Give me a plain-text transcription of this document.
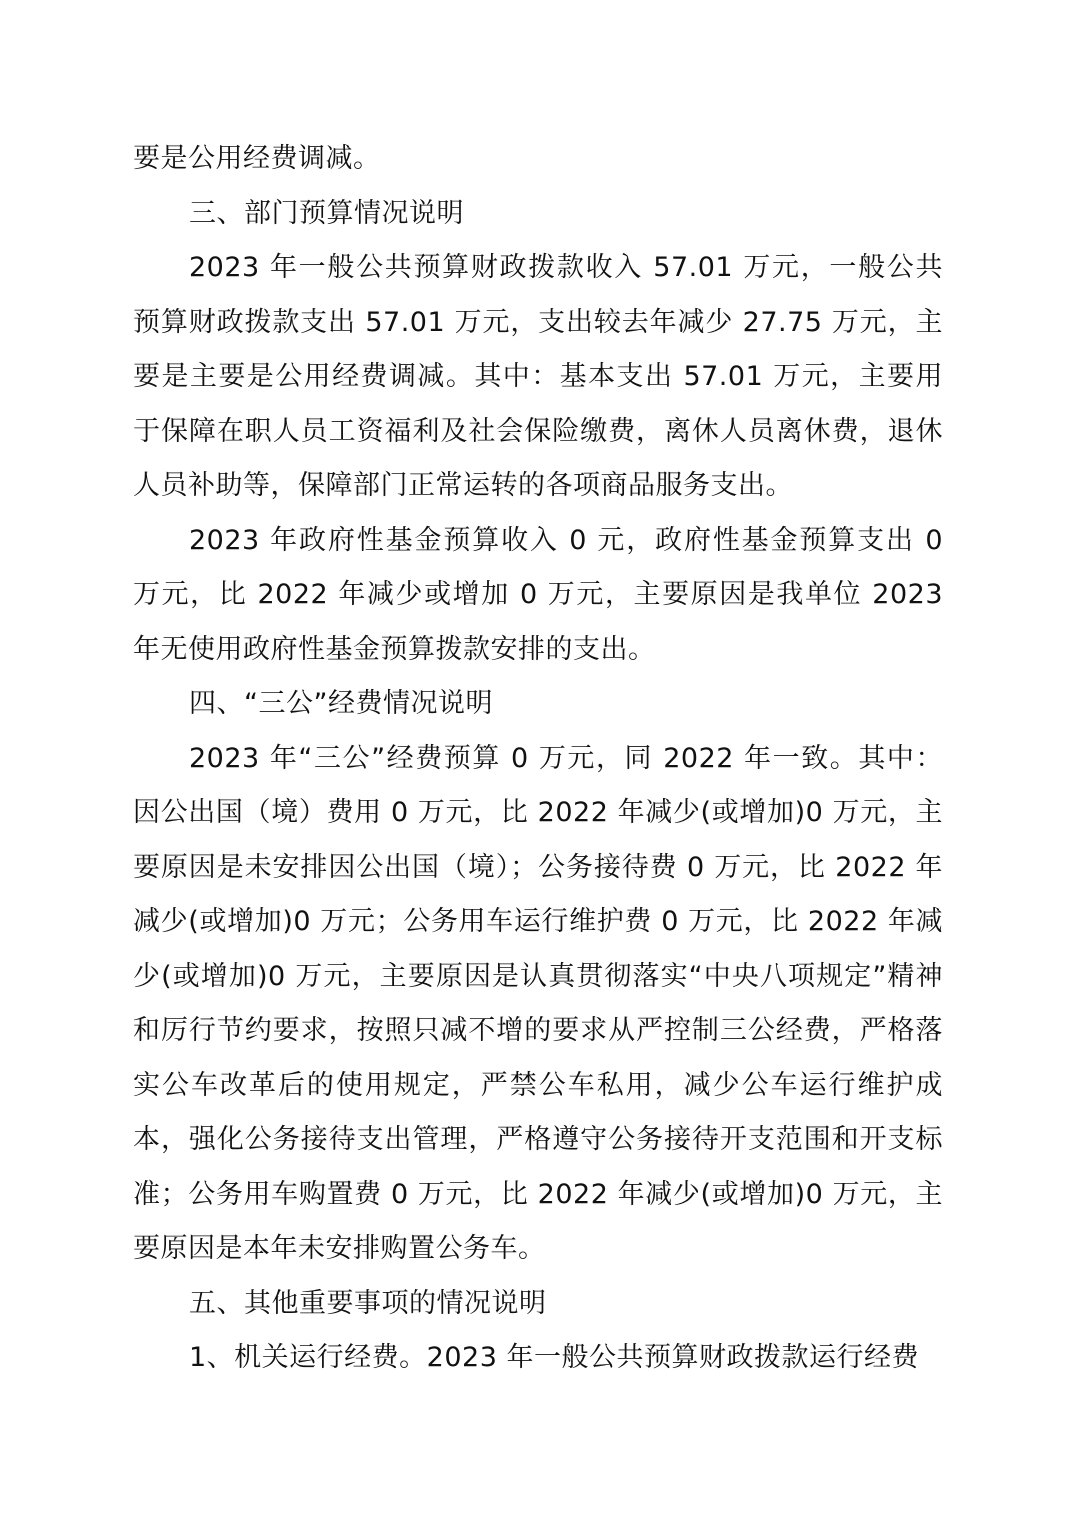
要是公用经费调减。

三、部门预算情况说明

2023 年一般公共预算财政拨款收入 57.01 万元，一般公共预算财政拨款支出 57.01 万元，支出较去年减少 27.75 万元，主要是主要是公用经费调减。其中：基本支出 57.01 万元，主要用于保障在职人员工资福利及社会保险缴费，离休人员离休费，退休人员补助等，保障部门正常运转的各项商品服务支出。

2023 年政府性基金预算收入 0 元，政府性基金预算支出 0 万元，比 2022 年减少或增加 0 万元，主要原因是我单位 2023 年无使用政府性基金预算拨款安排的支出。

四、“三公”经费情况说明

2023 年“三公”经费预算 0 万元，同 2022 年一致。其中：因公出国（境）费用 0 万元，比 2022 年减少(或增加)0 万元，主要原因是未安排因公出国（境）；公务接待费 0 万元，比 2022 年减少(或增加)0 万元；公务用车运行维护费 0 万元，比 2022 年减少(或增加)0 万元，主要原因是认真贯彻落实“中央八项规定”精神和厉行节约要求，按照只减不增的要求从严控制三公经费，严格落实公车改革后的使用规定，严禁公车私用，减少公车运行维护成本，强化公务接待支出管理，严格遵守公务接待开支范围和开支标准；公务用车购置费 0 万元，比 2022 年减少(或增加)0 万元，主要原因是本年未安排购置公务车。

五、其他重要事项的情况说明

1、机关运行经费。2023 年一般公共预算财政拨款运行经费
